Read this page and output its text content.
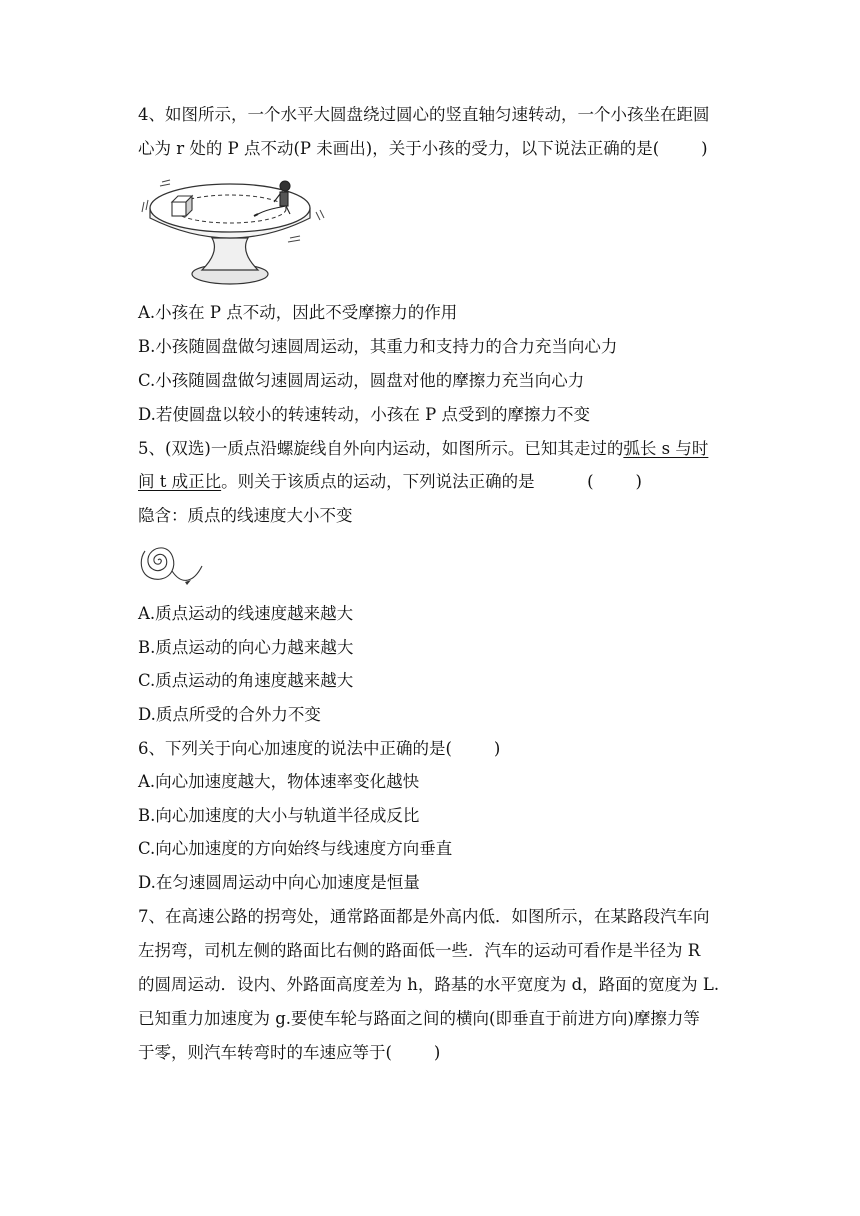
4、如图所示，一个水平大圆盘绕过圆心的竖直轴匀速转动，一个小孩坐在距圆
心为 r 处的 P 点不动(P 未画出)，关于小孩的受力，以下说法正确的是(        )
A.小孩在 P 点不动，因此不受摩擦力的作用
B.小孩随圆盘做匀速圆周运动，其重力和支持力的合力充当向心力
C.小孩随圆盘做匀速圆周运动，圆盘对他的摩擦力充当向心力
D.若使圆盘以较小的转速转动，小孩在 P 点受到的摩擦力不变
5、(双选)一质点沿螺旋线自外向内运动，如图所示。已知其走过的弧长 s 与时
间 t 成正比。则关于该质点的运动，下列说法正确的是          (        )
隐含：质点的线速度大小不变
A.质点运动的线速度越来越大
B.质点运动的向心力越来越大
C.质点运动的角速度越来越大
D.质点所受的合外力不变
6、下列关于向心加速度的说法中正确的是(        )
A.向心加速度越大，物体速率变化越快
B.向心加速度的大小与轨道半径成反比
C.向心加速度的方向始终与线速度方向垂直
D.在匀速圆周运动中向心加速度是恒量
7、在高速公路的拐弯处，通常路面都是外高内低．如图所示，在某路段汽车向
左拐弯，司机左侧的路面比右侧的路面低一些．汽车的运动可看作是半径为 R
的圆周运动．设内、外路面高度差为 h，路基的水平宽度为 d，路面的宽度为 L.
已知重力加速度为 g.要使车轮与路面之间的横向(即垂直于前进方向)摩擦力等
于零，则汽车转弯时的车速应等于(        )
